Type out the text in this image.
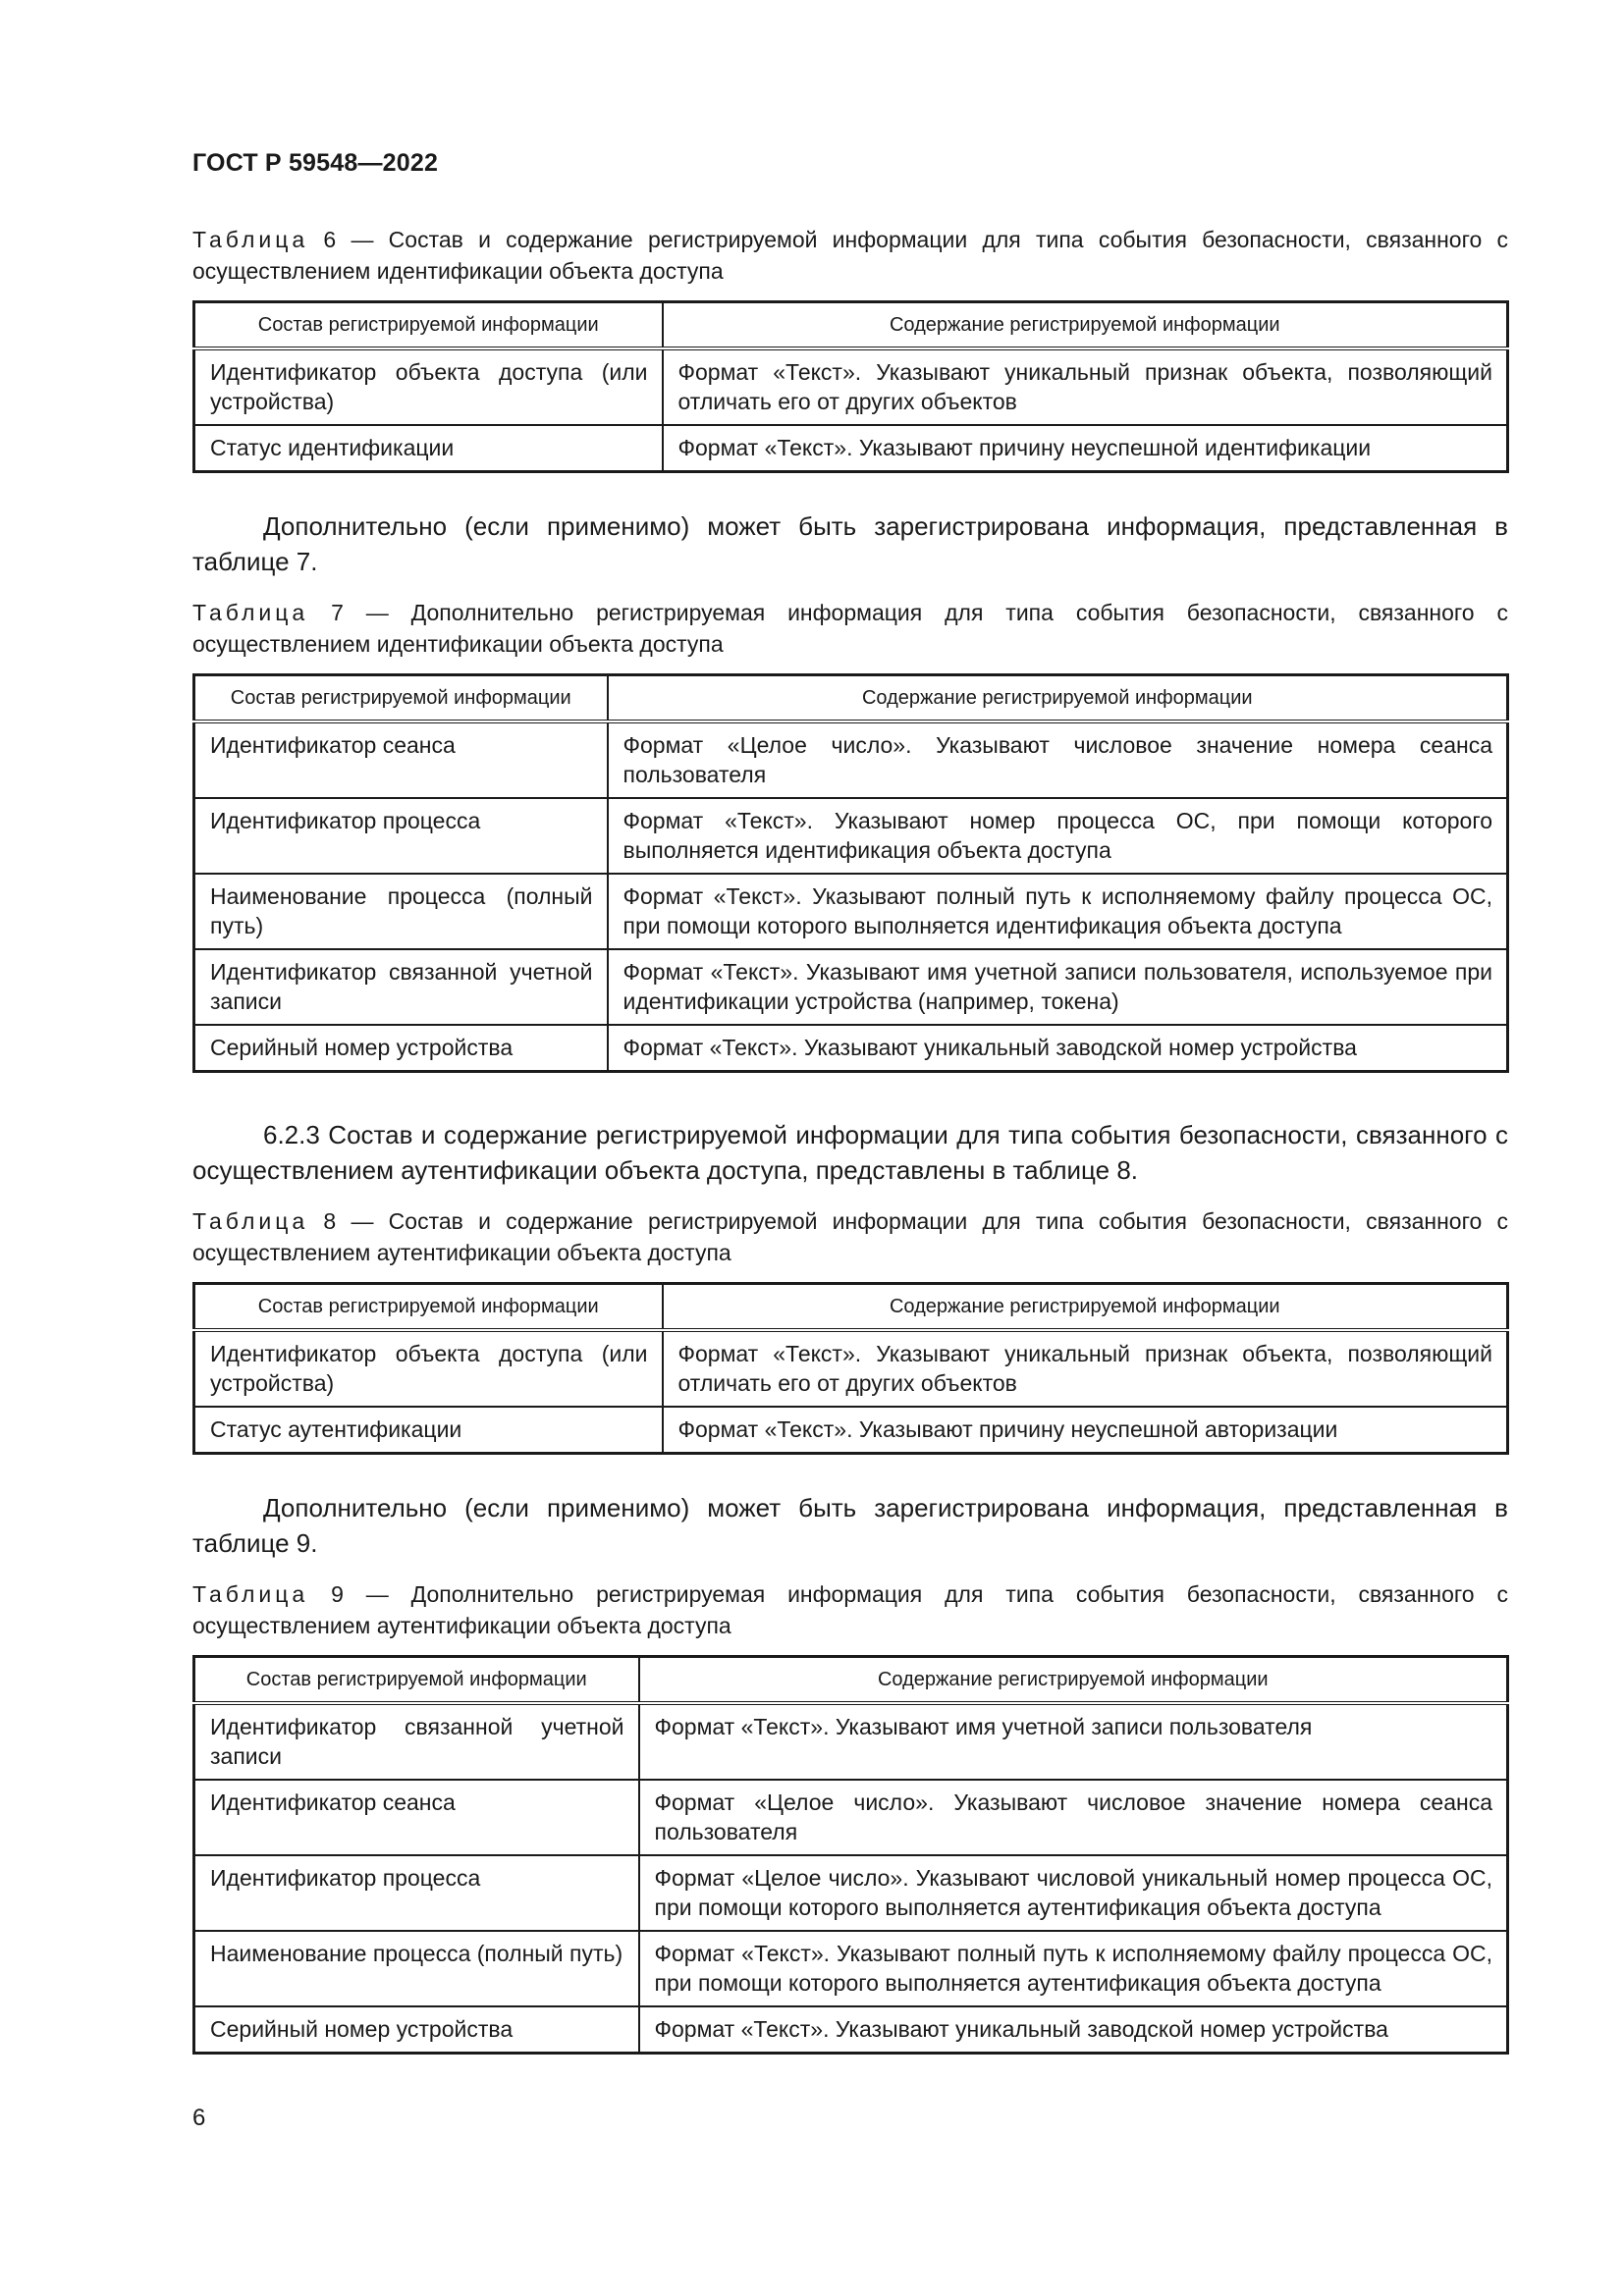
ГОСТ Р 59548—2022
Таблица 6 — Состав и содержание регистрируемой информации для типа события безопасности, связанного с осуществлением идентификации объекта доступа
Состав регистрируемой информации	Содержание регистрируемой информации
Идентификатор объекта доступа (или устройства)	Формат «Текст». Указывают уникальный признак объекта, позволяющий отличать его от других объектов
Статус идентификации	Формат «Текст». Указывают причину неуспешной идентификации
Дополнительно (если применимо) может быть зарегистрирована информация, представленная в таблице 7.
Таблица 7 — Дополнительно регистрируемая информация для типа события безопасности, связанного с осуществлением идентификации объекта доступа
Состав регистрируемой информации	Содержание регистрируемой информации
Идентификатор сеанса	Формат «Целое число». Указывают числовое значение номера сеанса пользователя
Идентификатор процесса	Формат «Текст». Указывают номер процесса ОС, при помощи которого выполняется идентификация объекта доступа
Наименование процесса (полный путь)	Формат «Текст». Указывают полный путь к исполняемому файлу процесса ОС, при помощи которого выполняется идентификация объекта доступа
Идентификатор связанной учетной записи	Формат «Текст». Указывают имя учетной записи пользователя, используемое при идентификации устройства (например, токена)
Серийный номер устройства	Формат «Текст». Указывают уникальный заводской номер устройства
6.2.3 Состав и содержание регистрируемой информации для типа события безопасности, связанного с осуществлением аутентификации объекта доступа, представлены в таблице 8.
Таблица 8 — Состав и содержание регистрируемой информации для типа события безопасности, связанного с осуществлением аутентификации объекта доступа
Состав регистрируемой информации	Содержание регистрируемой информации
Идентификатор объекта доступа (или устройства)	Формат «Текст». Указывают уникальный признак объекта, позволяющий отличать его от других объектов
Статус аутентификации	Формат «Текст». Указывают причину неуспешной авторизации
Дополнительно (если применимо) может быть зарегистрирована информация, представленная в таблице 9.
Таблица 9 — Дополнительно регистрируемая информация для типа события безопасности, связанного с осуществлением аутентификации объекта доступа
Состав регистрируемой информации	Содержание регистрируемой информации
Идентификатор связанной учетной записи	Формат «Текст». Указывают имя учетной записи пользователя
Идентификатор сеанса	Формат «Целое число». Указывают числовое значение номера сеанса пользователя
Идентификатор процесса	Формат «Целое число». Указывают числовой уникальный номер процесса ОС, при помощи которого выполняется аутентификация объекта доступа
Наименование процесса (полный путь)	Формат «Текст». Указывают полный путь к исполняемому файлу процесса ОС, при помощи которого выполняется аутентификация объекта доступа
Серийный номер устройства	Формат «Текст». Указывают уникальный заводской номер устройства
6
